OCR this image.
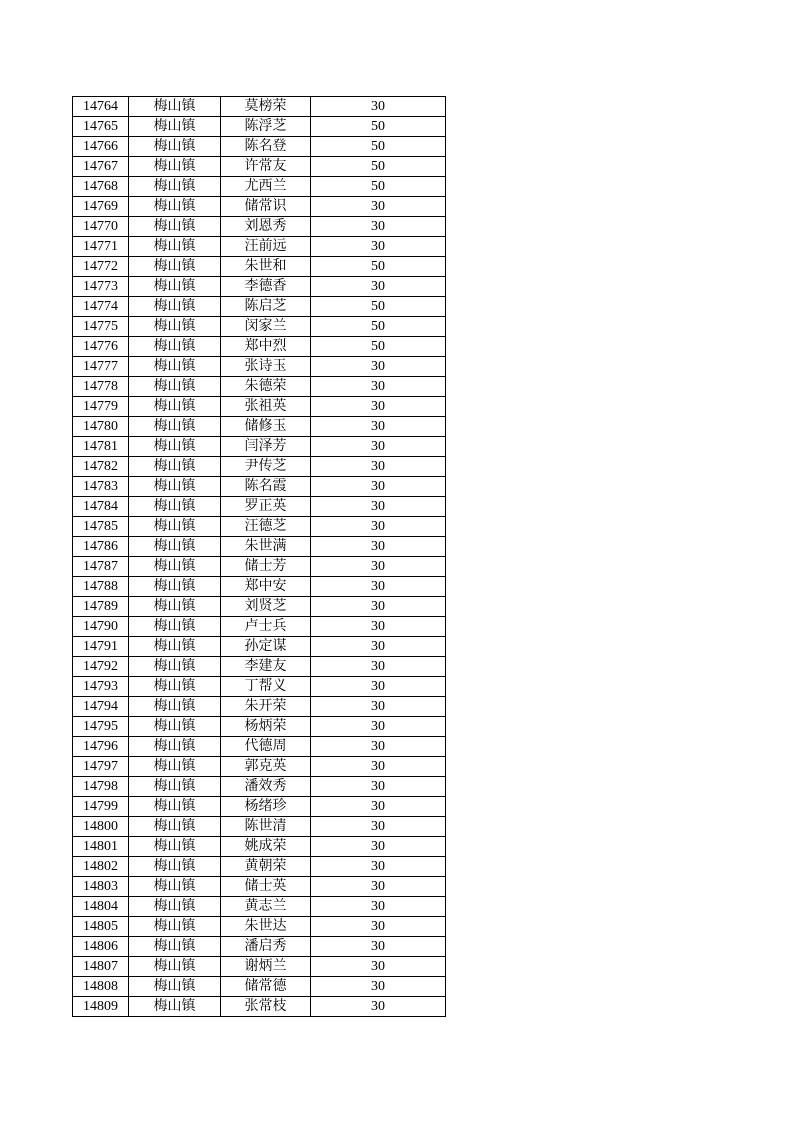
14764	梅山镇	莫榜荣	30
14765	梅山镇	陈浮芝	50
14766	梅山镇	陈名登	50
14767	梅山镇	许常友	50
14768	梅山镇	尤西兰	50
14769	梅山镇	储常识	30
14770	梅山镇	刘恩秀	30
14771	梅山镇	汪前远	30
14772	梅山镇	朱世和	50
14773	梅山镇	李德香	30
14774	梅山镇	陈启芝	50
14775	梅山镇	闵家兰	50
14776	梅山镇	郑中烈	50
14777	梅山镇	张诗玉	30
14778	梅山镇	朱德荣	30
14779	梅山镇	张祖英	30
14780	梅山镇	储修玉	30
14781	梅山镇	闫泽芳	30
14782	梅山镇	尹传芝	30
14783	梅山镇	陈名霞	30
14784	梅山镇	罗正英	30
14785	梅山镇	汪德芝	30
14786	梅山镇	朱世满	30
14787	梅山镇	储士芳	30
14788	梅山镇	郑中安	30
14789	梅山镇	刘贤芝	30
14790	梅山镇	卢士兵	30
14791	梅山镇	孙定谋	30
14792	梅山镇	李建友	30
14793	梅山镇	丁帮义	30
14794	梅山镇	朱开荣	30
14795	梅山镇	杨炳荣	30
14796	梅山镇	代德周	30
14797	梅山镇	郭克英	30
14798	梅山镇	潘效秀	30
14799	梅山镇	杨绪珍	30
14800	梅山镇	陈世清	30
14801	梅山镇	姚成荣	30
14802	梅山镇	黄朝荣	30
14803	梅山镇	储士英	30
14804	梅山镇	黄志兰	30
14805	梅山镇	朱世达	30
14806	梅山镇	潘启秀	30
14807	梅山镇	谢炳兰	30
14808	梅山镇	储常德	30
14809	梅山镇	张常枝	30
